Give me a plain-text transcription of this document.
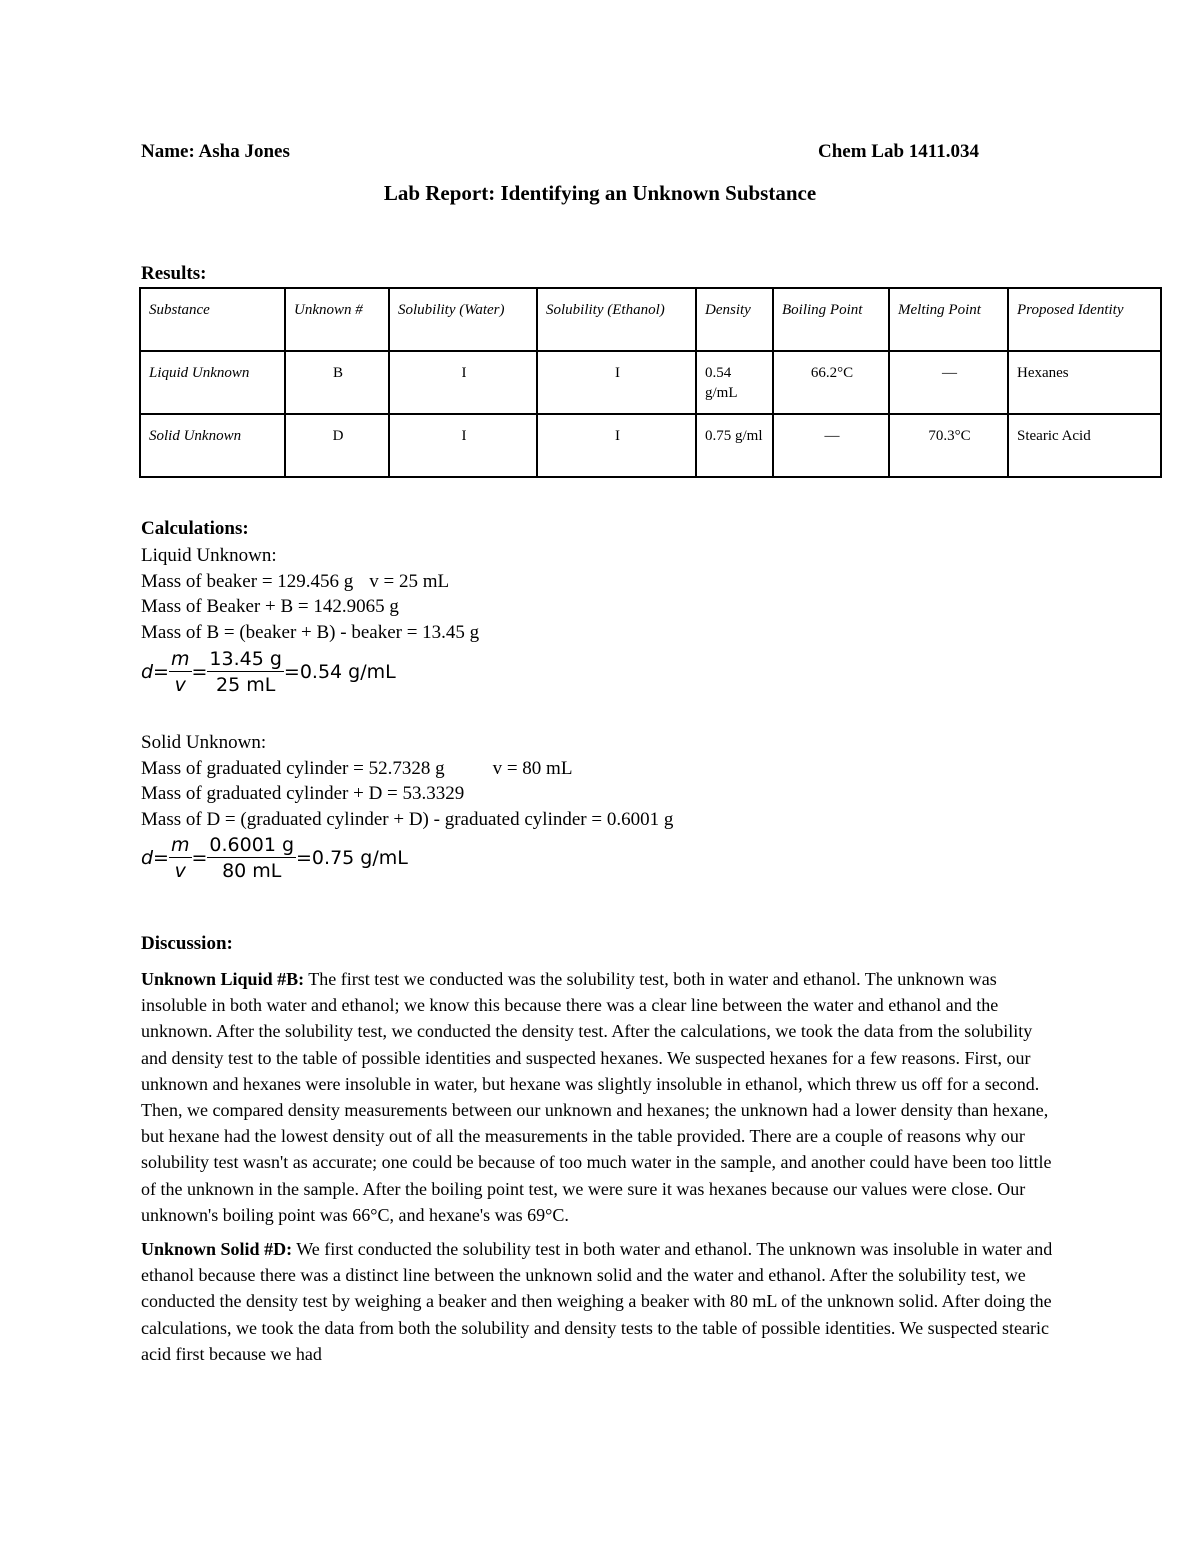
Name: Asha Jones	Chem Lab 1411.034
Lab Report: Identifying an Unknown Substance
Results:
Substance	Unknown #	Solubility (Water)	Solubility (Ethanol)	Density	Boiling Point	Melting Point	Proposed Identity
Liquid Unknown	B	I	I	0.54 g/mL	66.2°C	—	Hexanes
Solid Unknown	D	I	I	0.75 g/ml	—	70.3°C	Stearic Acid
Calculations:
Liquid Unknown:
Mass of beaker = 129.456 g v = 25 mL
Mass of Beaker + B = 142.9065 g
Mass of B = (beaker + B) - beaker = 13.45 g
$d= \frac{m}{v} = \frac{13.45 g}{25 mL} =0.54$ g/mL
Solid Unknown:
Mass of graduated cylinder = 52.7328 g	v = 80 mL
Mass of graduated cylinder + D = 53.3329
Mass of D = (graduated cylinder + D) - graduated cylinder = 0.6001 g
$d= \frac{m}{v} = \frac{0.6001 g}{80 mL} =0.75$ g/mL
Discussion:

Unknown Liquid #B: The first test we conducted was the solubility test, both in water and ethanol. The unknown was insoluble in both water and ethanol; we know this because there was a clear line between the water and ethanol and the unknown. After the solubility test, we conducted the density test. After the calculations, we took the data from the solubility and density test to the table of possible identities and suspected hexanes. We suspected hexanes for a few reasons. First, our unknown and hexanes were insoluble in water, but hexane was slightly insoluble in ethanol, which threw us off for a second. Then, we compared density measurements between our unknown and hexanes; the unknown had a lower density than hexane, but hexane had the lowest density out of all the measurements in the table provided. There are a couple of reasons why our solubility test wasn't as accurate; one could be because of too much water in the sample, and another could have been too little of the unknown in the sample. After the boiling point test, we were sure it was hexanes because our values were close. Our unknown's boiling point was 66°C, and hexane's was 69°C.

Unknown Solid #D: We first conducted the solubility test in both water and ethanol. The unknown was insoluble in water and ethanol because there was a distinct line between the unknown solid and the water and ethanol. After the solubility test, we conducted the density test by weighing a beaker and then weighing a beaker with 80 mL of the unknown solid. After doing the calculations, we took the data from both the solubility and density tests to the table of possible identities. We suspected stearic acid first because we had
